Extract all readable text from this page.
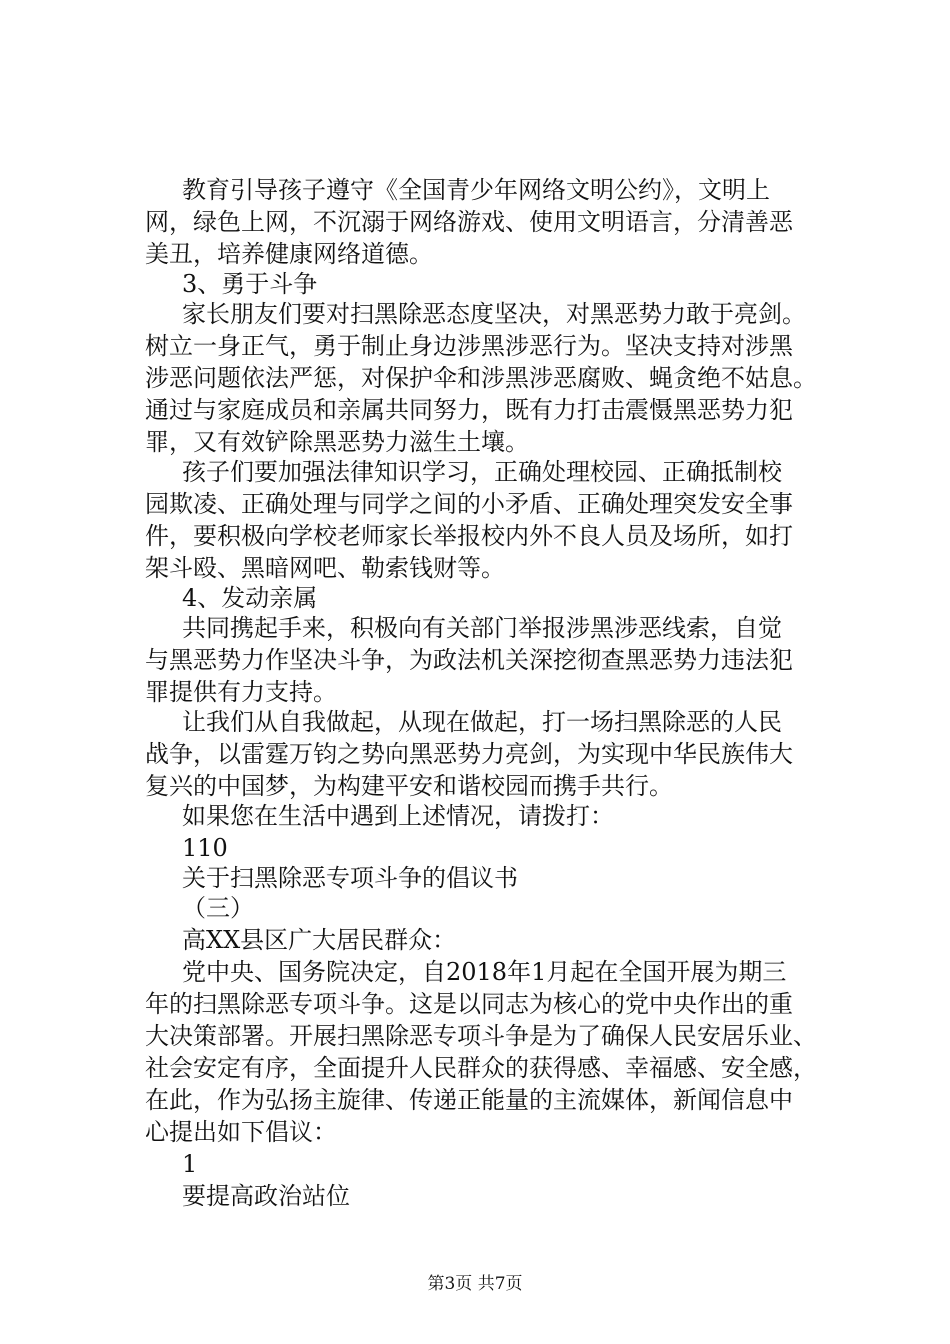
教育引导孩子遵守《全国青少年网络文明公约》，文明上
网，绿色上网，不沉溺于网络游戏、使用文明语言，分清善恶
美丑，培养健康网络道德。
3、勇于斗争
家长朋友们要对扫黑除恶态度坚决，对黑恶势力敢于亮剑。
树立一身正气，勇于制止身边涉黑涉恶行为。坚决支持对涉黑
涉恶问题依法严惩，对保护伞和涉黑涉恶腐败、蝇贪绝不姑息。
通过与家庭成员和亲属共同努力，既有力打击震慑黑恶势力犯
罪，又有效铲除黑恶势力滋生土壤。
孩子们要加强法律知识学习，正确处理校园、正确抵制校
园欺凌、正确处理与同学之间的小矛盾、正确处理突发安全事
件，要积极向学校老师家长举报校内外不良人员及场所，如打
架斗殴、黑暗网吧、勒索钱财等。
4、发动亲属
共同携起手来，积极向有关部门举报涉黑涉恶线索，自觉
与黑恶势力作坚决斗争，为政法机关深挖彻查黑恶势力违法犯
罪提供有力支持。
让我们从自我做起，从现在做起，打一场扫黑除恶的人民
战争，以雷霆万钧之势向黑恶势力亮剑，为实现中华民族伟大
复兴的中国梦，为构建平安和谐校园而携手共行。
如果您在生活中遇到上述情况，请拨打：
110
关于扫黑除恶专项斗争的倡议书
（三）
高XX县区广大居民群众：
党中央、国务院决定，自2018年1月起在全国开展为期三
年的扫黑除恶专项斗争。这是以同志为核心的党中央作出的重
大决策部署。开展扫黑除恶专项斗争是为了确保人民安居乐业、
社会安定有序，全面提升人民群众的获得感、幸福感、安全感，
在此，作为弘扬主旋律、传递正能量的主流媒体，新闻信息中
心提出如下倡议：
1
要提高政治站位
第3页 共7页
